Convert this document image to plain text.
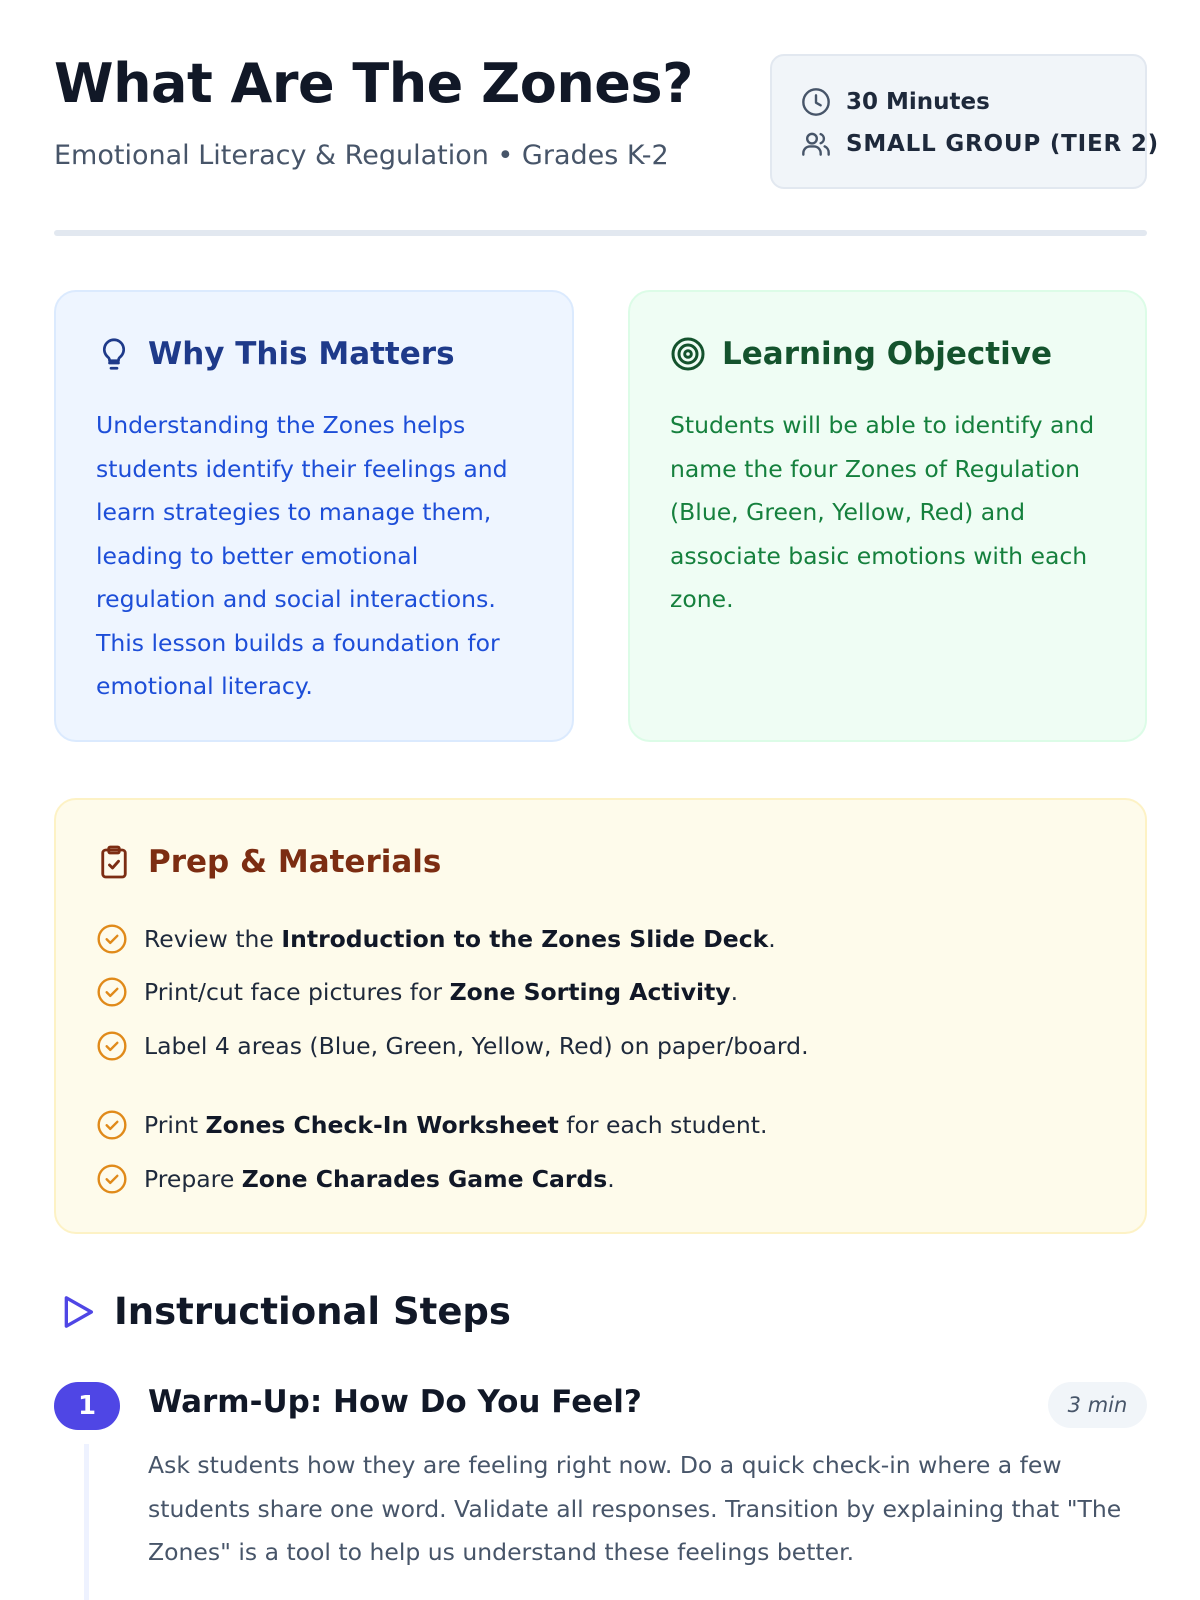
What Are The Zones?
Emotional Literacy & Regulation • Grades K-2
30 Minutes
SMALL GROUP (TIER 2)
Why This Matters

Understanding the Zones helps students identify their feelings and learn strategies to manage them, leading to better emotional regulation and social interactions. This lesson builds a foundation for emotional literacy.

Learning Objective

Students will be able to identify and name the four Zones of Regulation (Blue, Green, Yellow, Red) and associate basic emotions with each zone.

Prep & Materials
Review the Introduction to the Zones Slide Deck.
Print/cut face pictures for Zone Sorting Activity.
Label 4 areas (Blue, Green, Yellow, Red) on paper/board.
Print Zones Check-In Worksheet for each student.
Prepare Zone Charades Game Cards.
Instructional Steps
1	Warm-Up: How Do You Feel?	3 min

Ask students how they are feeling right now. Do a quick check-in where a few students share one word. Validate all responses. Transition by explaining that "The Zones" is a tool to help us understand these feelings better.
